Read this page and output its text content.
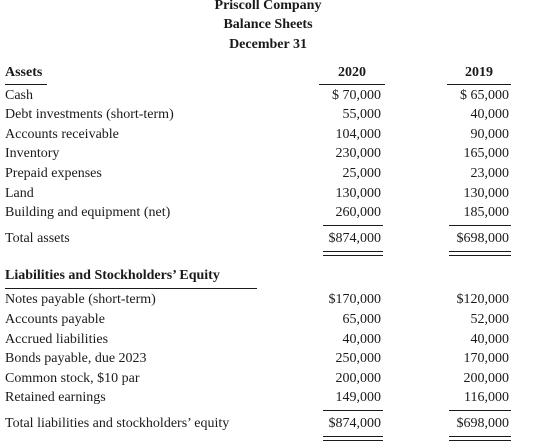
Priscoll Company
Balance Sheets
December 31
Assets	2020	2019
Cash	$ 70,000	$ 65,000
Debt investments (short-term)	55,000	40,000
Accounts receivable	104,000	90,000
Inventory	230,000	165,000
Prepaid expenses	25,000	23,000
Land	130,000	130,000
Building and equipment (net)	260,000	185,000
Total assets	$874,000	$698,000
Liabilities and Stockholders’ Equity
Notes payable (short-term)	$170,000	$120,000
Accounts payable	65,000	52,000
Accrued liabilities	40,000	40,000
Bonds payable, due 2023	250,000	170,000
Common stock, $10 par	200,000	200,000
Retained earnings	149,000	116,000
Total liabilities and stockholders’ equity	$874,000	$698,000
